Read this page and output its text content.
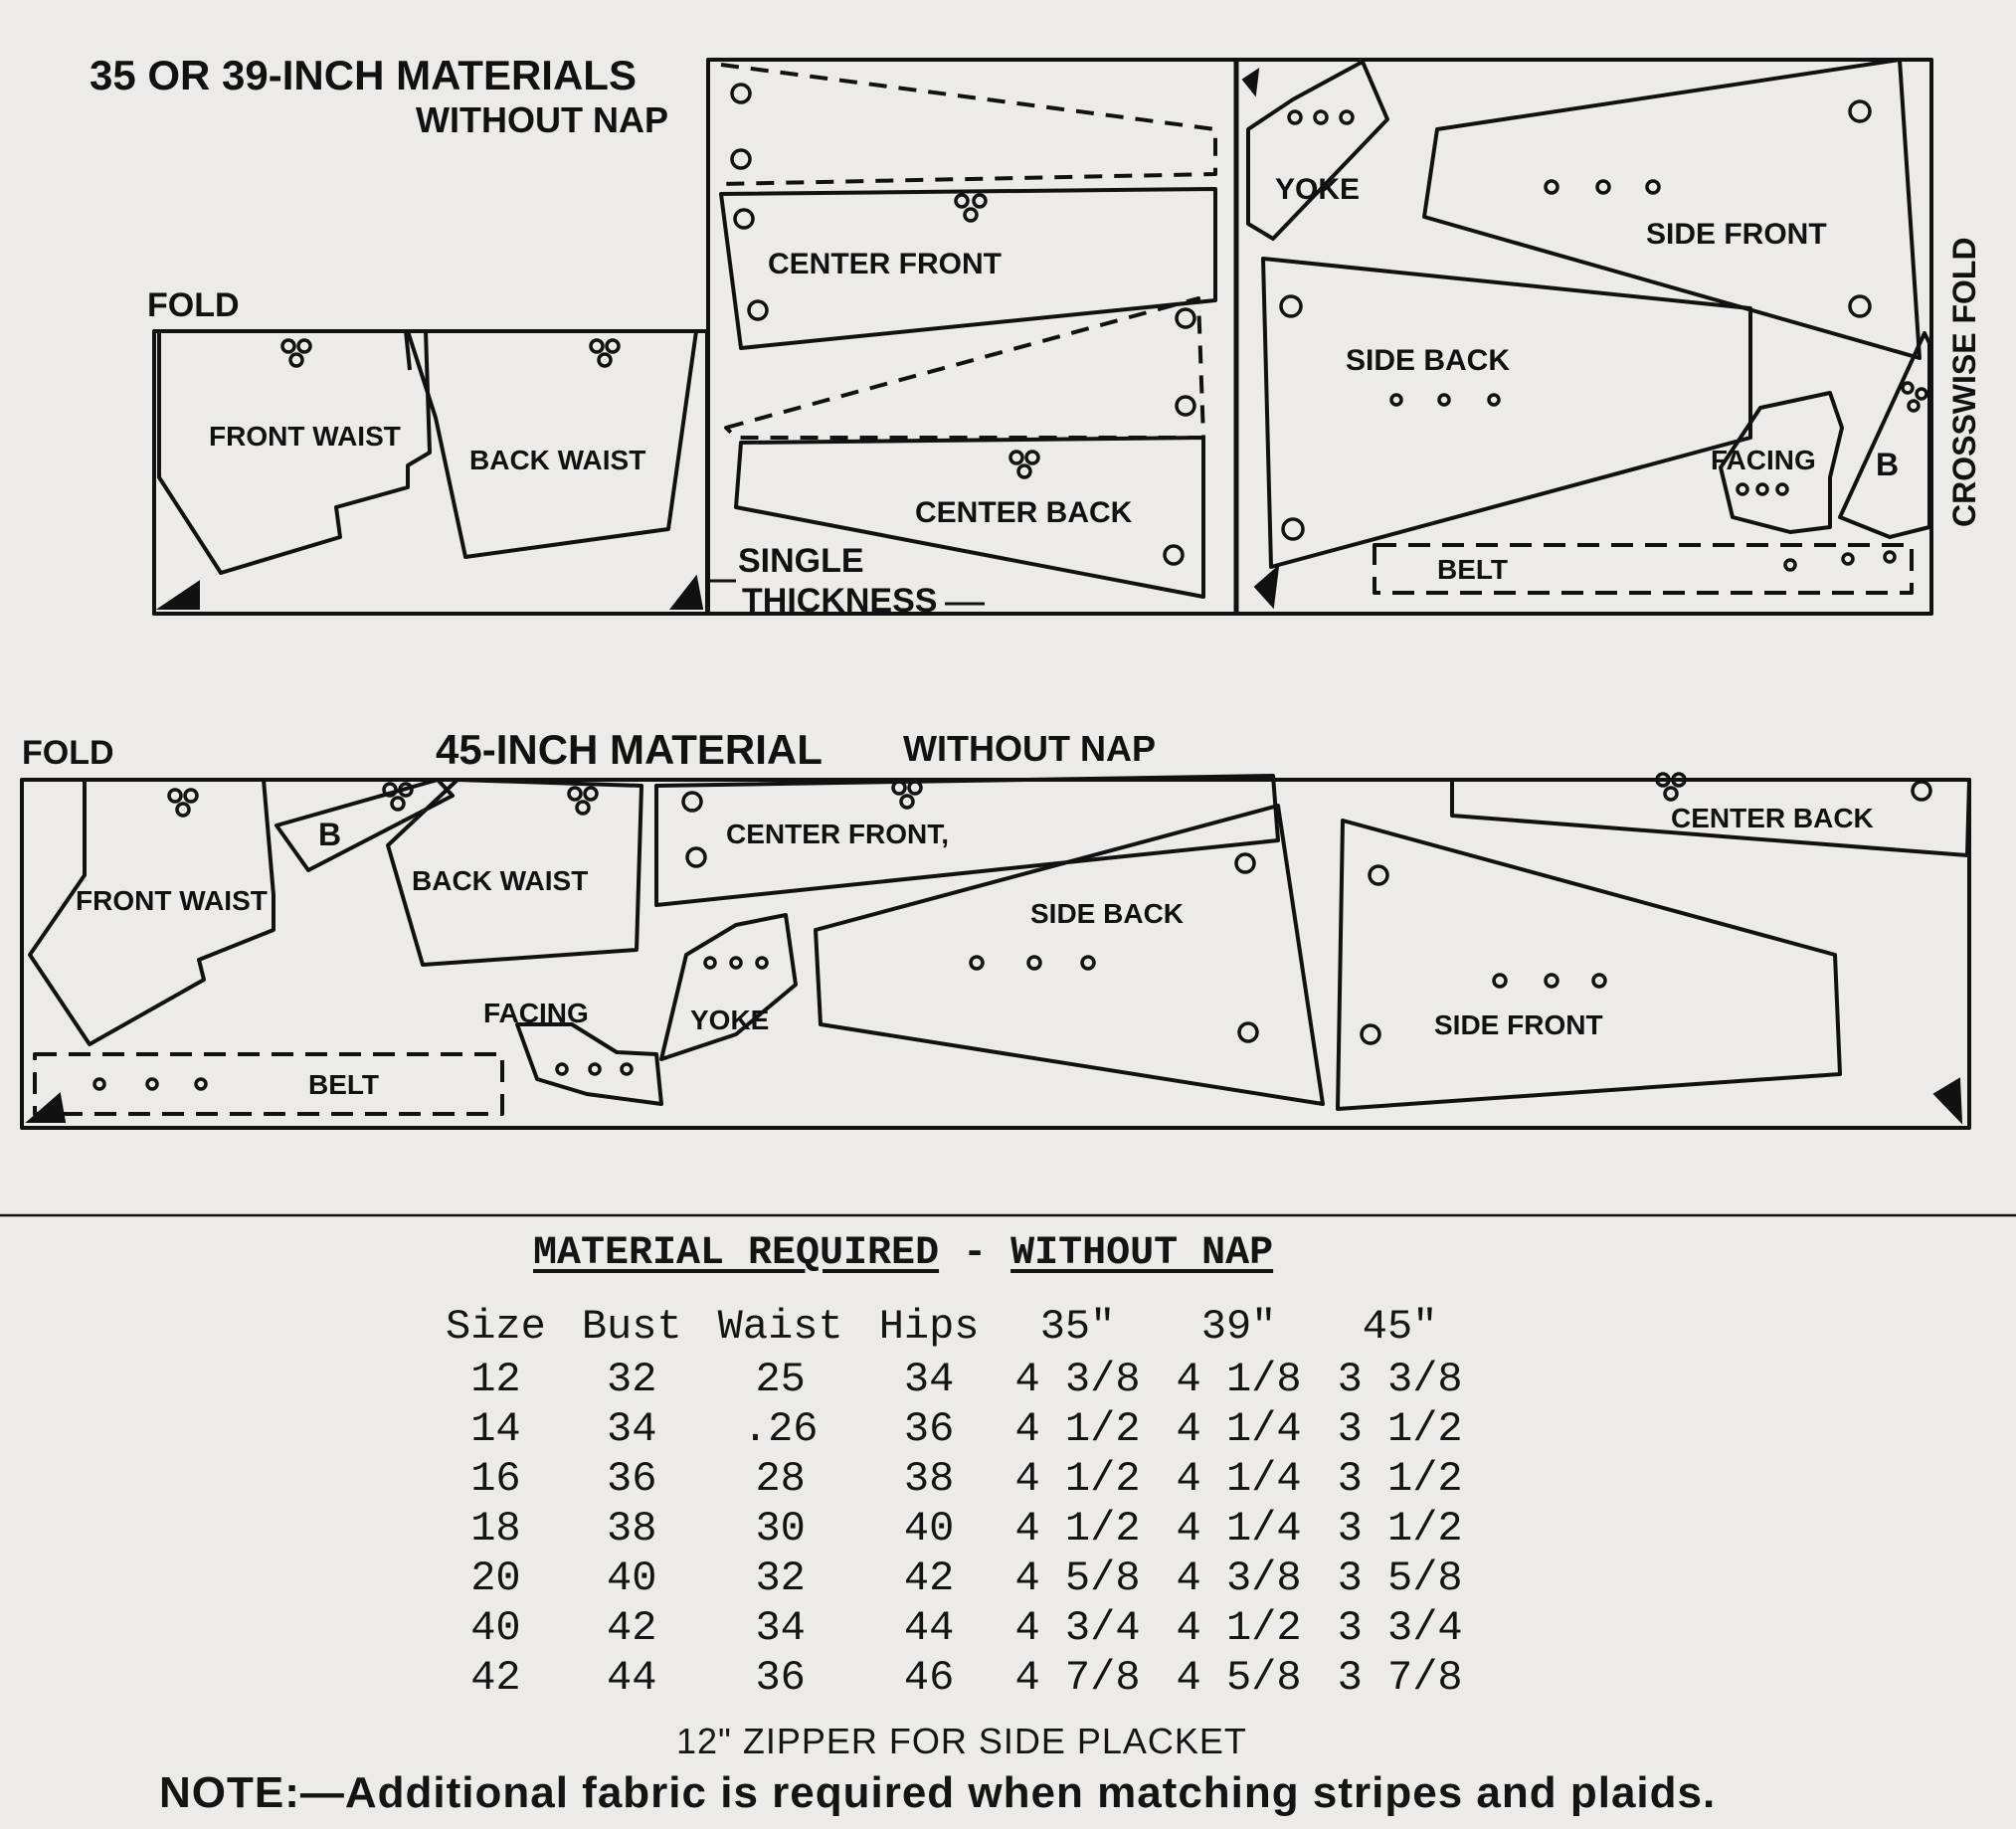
35 OR 39-INCH MATERIALS
WITHOUT NAP
FOLD
FOLD	45-INCH MATERIAL WITHOUT NAP
FRONT WAIST
BACK WAIST
CENTER FRONT
CENTER BACK
YOKE
SIDE FRONT
SIDE BACK
FACING
BELT
B
SINGLE
THICKNESS
CROSSWISE FOLD
FRONT WAIST
B
BACK WAIST
CENTER FRONT,
CENTER BACK
SIDE BACK
SIDE FRONT
FACING	YOKE
BELT
MATERIAL REQUIRED - WITHOUT NAP
Size	Bust	Waist	Hips	35"	39"	45"
12	32	25	34	4 3/8	4 1/8	3 3/8
14	34	.26	36	4 1/2	4 1/4	3 1/2
16	36	28	38	4 1/2	4 1/4	3 1/2
18	38	30	40	4 1/2	4 1/4	3 1/2
20	40	32	42	4 5/8	4 3/8	3 5/8
40	42	34	44	4 3/4	4 1/2	3 3/4
42	44	36	46	4 7/8	4 5/8	3 7/8
12" ZIPPER FOR SIDE PLACKET
NOTE:—Additional fabric is required when matching stripes and plaids.
